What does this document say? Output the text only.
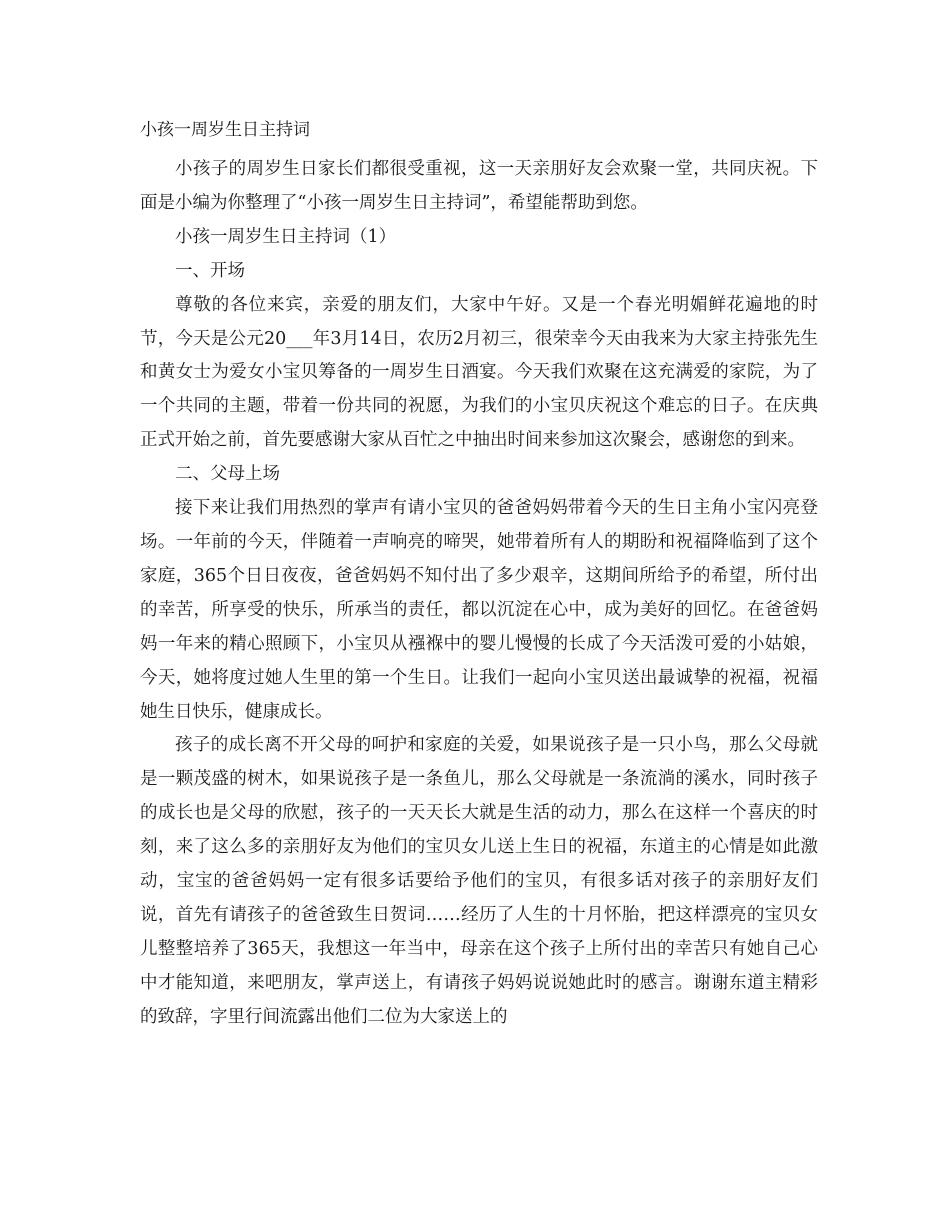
小孩一周岁生日主持词

小孩子的周岁生日家长们都很受重视，这一天亲朋好友会欢聚一堂，共同庆祝。下面是小编为你整理了“小孩一周岁生日主持词”，希望能帮助到您。

小孩一周岁生日主持词（1）

一、开场

尊敬的各位来宾，亲爱的朋友们，大家中午好。又是一个春光明媚鲜花遍地的时节，今天是公元20___年3月14日，农历2月初三，很荣幸今天由我来为大家主持张先生和黄女士为爱女小宝贝筹备的一周岁生日酒宴。今天我们欢聚在这充满爱的家院，为了一个共同的主题，带着一份共同的祝愿，为我们的小宝贝庆祝这个难忘的日子。在庆典正式开始之前，首先要感谢大家从百忙之中抽出时间来参加这次聚会，感谢您的到来。

二、父母上场

接下来让我们用热烈的掌声有请小宝贝的爸爸妈妈带着今天的生日主角小宝闪亮登场。一年前的今天，伴随着一声响亮的啼哭，她带着所有人的期盼和祝福降临到了这个家庭，365个日日夜夜，爸爸妈妈不知付出了多少艰辛，这期间所给予的希望，所付出的幸苦，所享受的快乐，所承当的责任，都以沉淀在心中，成为美好的回忆。在爸爸妈妈一年来的精心照顾下，小宝贝从襁褓中的婴儿慢慢的长成了今天活泼可爱的小姑娘，今天，她将度过她人生里的第一个生日。让我们一起向小宝贝送出最诚挚的祝福，祝福她生日快乐，健康成长。

孩子的成长离不开父母的呵护和家庭的关爱，如果说孩子是一只小鸟，那么父母就是一颗茂盛的树木，如果说孩子是一条鱼儿，那么父母就是一条流淌的溪水，同时孩子的成长也是父母的欣慰，孩子的一天天长大就是生活的动力，那么在这样一个喜庆的时刻，来了这么多的亲朋好友为他们的宝贝女儿送上生日的祝福，东道主的心情是如此激动，宝宝的爸爸妈妈一定有很多话要给予他们的宝贝，有很多话对孩子的亲朋好友们说，首先有请孩子的爸爸致生日贺词……经历了人生的十月怀胎，把这样漂亮的宝贝女儿整整培养了365天，我想这一年当中，母亲在这个孩子上所付出的幸苦只有她自己心中才能知道，来吧朋友，掌声送上，有请孩子妈妈说说她此时的感言。谢谢东道主精彩的致辞，字里行间流露出他们二位为大家送上的
